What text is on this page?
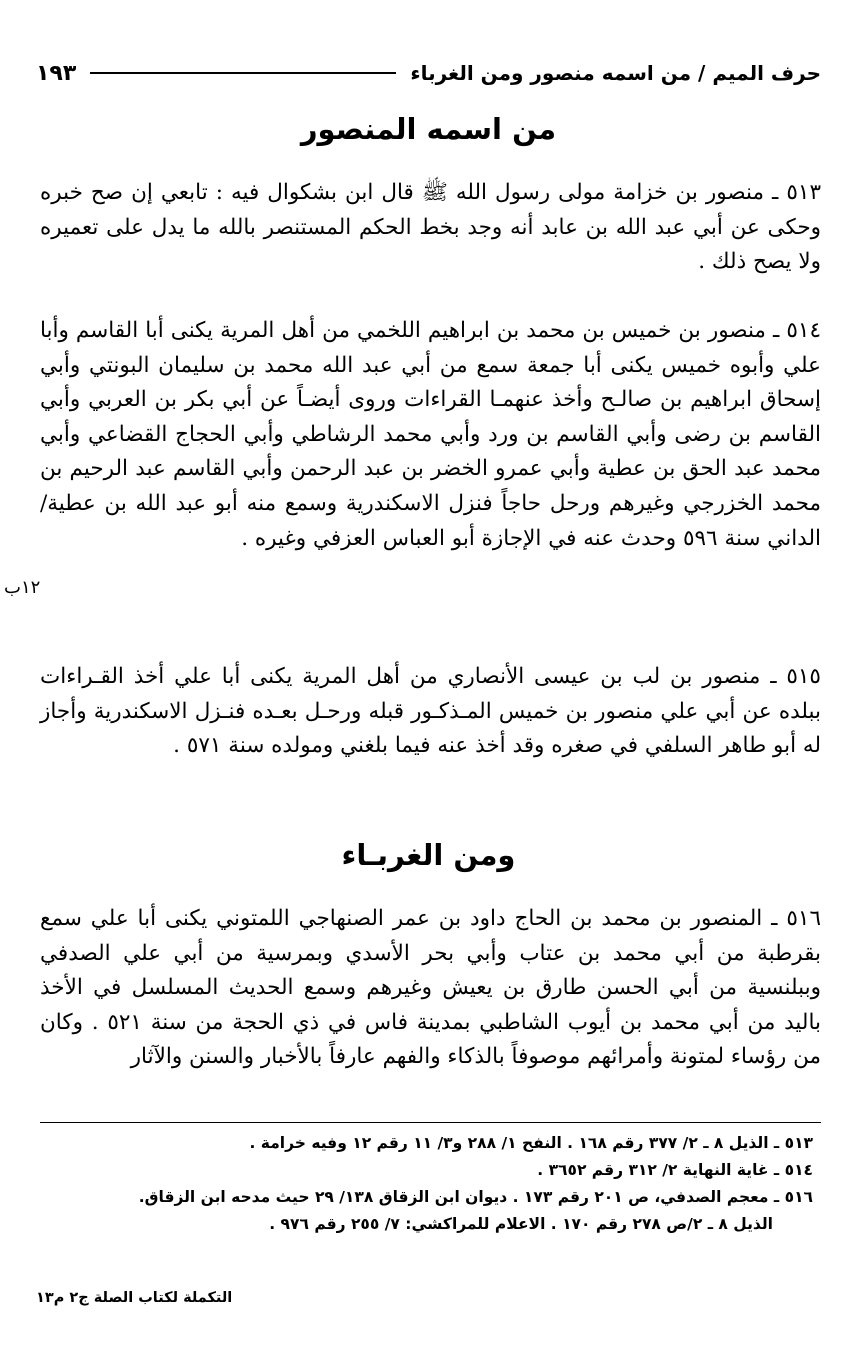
حرف الميم / من اسمه منصور ومن الغرباء
١٩٣
من اسمه المنصور
٥١٣ ـ منصور بن خزامة مولى رسول الله ﷺ قال ابن بشكوال فيه : تابعي إن صح خبره وحكى عن أبي عبد الله بن عابد أنه وجد بخط الحكم المستنصر بالله ما يدل على تعميره ولا يصح ذلك .
٥١٤ ـ منصور بن خميس بن محمد بن ابراهيم اللخمي من أهل المرية يكنى أبا القاسم وأبا علي وأبوه خميس يكنى أبا جمعة سمع من أبي عبد الله محمد بن سليمان البونتي وأبي إسحاق ابراهيم بن صالـح وأخذ عنهمـا القراءات وروى أيضـاً عن أبي بكر بن العربي وأبي القاسم بن رضى وأبي القاسم بن ورد وأبي محمد الرشاطي وأبي الحجاج القضاعي وأبي محمد عبد الحق بن عطية وأبي عمرو الخضر بن عبد الرحمن وأبي القاسم عبد الرحيم بن محمد الخزرجي وغيرهم ورحل حاجاً فنزل الاسكندرية وسمع منه أبو عبد الله بن عطية/ الداني سنة ٥٩٦ وحدث عنه في الإجازة أبو العباس العزفي وغيره .
١٢ب
٥١٥ ـ منصور بن لب بن عيسى الأنصاري من أهل المرية يكنى أبا علي أخذ القـراءات ببلده عن أبي علي منصور بن خميس المـذكـور قبله ورحـل بعـده فنـزل الاسكندرية وأجاز له أبو طاهر السلفي في صغره وقد أخذ عنه فيما بلغني ومولده سنة ٥٧١ .
ومن الغربـاء
٥١٦ ـ المنصور بن محمد بن الحاج داود بن عمر الصنهاجي اللمتوني يكنى أبا علي سمع بقرطبة من أبي محمد بن عتاب وأبي بحر الأسدي وبمرسية من أبي علي الصدفي وببلنسية من أبي الحسن طارق بن يعيش وغيرهم وسمع الحديث المسلسل في الأخذ باليد من أبي محمد بن أيوب الشاطبي بمدينة فاس في ذي الحجة من سنة ٥٢١ . وكان من رؤساء لمتونة وأمرائهم موصوفاً بالذكاء والفهم عارفاً بالأخبار والسنن والآثار

٥١٣ ـ الذيل ٨ ـ ٢/ ٣٧٧ رقم ١٦٨ . النفح ١/ ٢٨٨ و٣/ ١١ رقم ١٢ وفيه خرامة .

٥١٤ ـ غاية النهاية ٢/ ٣١٢ رقم ٣٦٥٢ .

٥١٦ ـ معجم الصدفي، ص ٢٠١ رقم ١٧٣ . ديوان ابن الزقاق ١٣٨/ ٢٩ حيث مدحه ابن الزقاق.

الذيل ٨ ـ ٢/ص ٢٧٨ رقم ١٧٠ . الاعلام للمراكشي: ٧/ ٢٥٥ رقم ٩٧٦ .

التكملة لكتاب الصلة ج٢ م١٣
